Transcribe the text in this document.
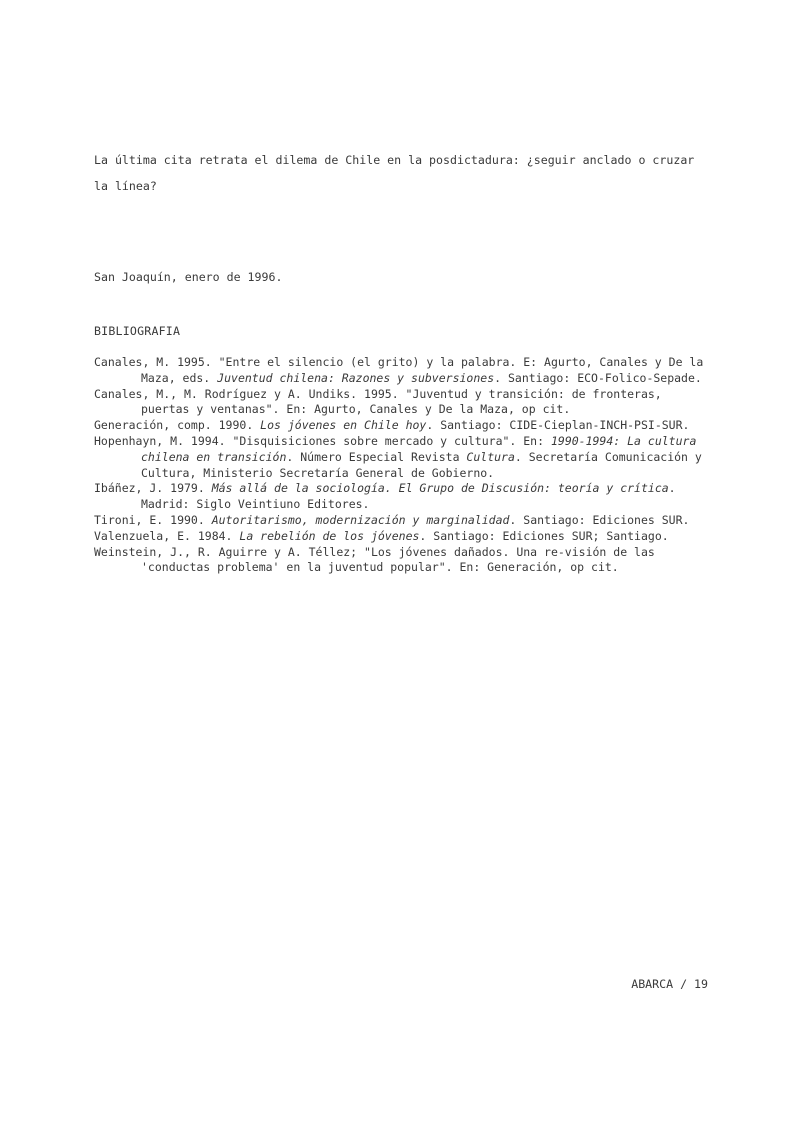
La última cita retrata el dilema de Chile en la posdictadura: ¿seguir anclado o cruzar la línea?

San Joaquín, enero de 1996.

BIBLIOGRAFIA

Canales, M. 1995. "Entre el silencio (el grito) y la palabra. E: Agurto, Canales y De la Maza, eds. Juventud chilena: Razones y subversiones. Santiago: ECO-Folico-Sepade.
Canales, M., M. Rodríguez y A. Undiks. 1995. "Juventud y transición: de fronteras, puertas y ventanas". En: Agurto, Canales y De la Maza, op cit.
Generación, comp. 1990. Los jóvenes en Chile hoy. Santiago: CIDE-Cieplan-INCH-PSI-SUR.
Hopenhayn, M. 1994. "Disquisiciones sobre mercado y cultura". En: 1990-1994: La cultura chilena en transición. Número Especial Revista Cultura. Secretaría Comunicación y Cultura, Ministerio Secretaría General de Gobierno.
Ibáñez, J. 1979. Más allá de la sociología. El Grupo de Discusión: teoría y crítica. Madrid: Siglo Veintiuno Editores.
Tironi, E. 1990. Autoritarismo, modernización y marginalidad. Santiago: Ediciones SUR.
Valenzuela, E. 1984. La rebelión de los jóvenes. Santiago: Ediciones SUR; Santiago.
Weinstein, J., R. Aguirre y A. Téllez; "Los jóvenes dañados. Una re-visión de las 'conductas problema' en la juventud popular". En: Generación, op cit.

ABARCA / 19
